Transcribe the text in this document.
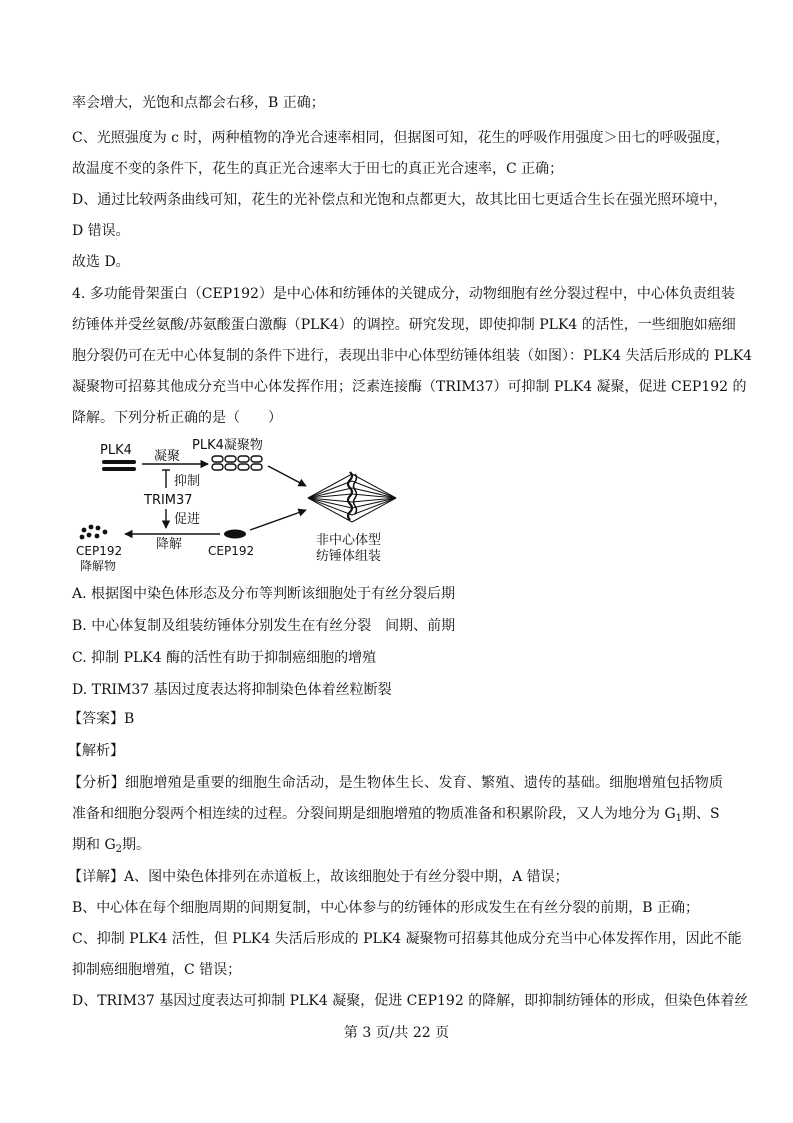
率会增大，光饱和点都会右移，B 正确；
C、光照强度为 c 时，两种植物的净光合速率相同，但据图可知，花生的呼吸作用强度＞田七的呼吸强度，
故温度不变的条件下，花生的真正光合速率大于田七的真正光合速率，C 正确；
D、通过比较两条曲线可知，花生的光补偿点和光饱和点都更大，故其比田七更适合生长在强光照环境中，
D 错误。
故选 D。
4. 多功能骨架蛋白（CEP192）是中心体和纺锤体的关键成分，动物细胞有丝分裂过程中，中心体负责组装
纺锤体并受丝氨酸/苏氨酸蛋白激酶（PLK4）的调控。研究发现，即使抑制 PLK4 的活性，一些细胞如癌细
胞分裂仍可在无中心体复制的条件下进行，表现出非中心体型纺锤体组装（如图）：PLK4 失活后形成的 PLK4
凝聚物可招募其他成分充当中心体发挥作用；泛素连接酶（TRIM37）可抑制 PLK4 凝聚，促进 CEP192 的
降解。下列分析正确的是（　　）
PLK4 凝聚
PLK4凝聚物
抑制
TRIM37
促进
降解
CEP192
降解物
CEP192
非中心体型
纺锤体组装
A. 根据图中染色体形态及分布等判断该细胞处于有丝分裂后期
B. 中心体复制及组装纺锤体分别发生在有丝分裂　间期、前期
C. 抑制 PLK4 酶的活性有助于抑制癌细胞的增殖
D. TRIM37 基因过度表达将抑制染色体着丝粒断裂
【答案】B
【解析】
【分析】细胞增殖是重要的细胞生命活动，是生物体生长、发育、繁殖、遗传的基础。细胞增殖包括物质
准备和细胞分裂两个相连续的过程。分裂间期是细胞增殖的物质准备和积累阶段，又人为地分为 $G_1$期、S
期和 $G_2$期。
【详解】A、图中染色体排列在赤道板上，故该细胞处于有丝分裂中期，A 错误；
B、中心体在每个细胞周期的间期复制，中心体参与的纺锤体的形成发生在有丝分裂的前期，B 正确；
C、抑制 PLK4 活性，但 PLK4 失活后形成的 PLK4 凝聚物可招募其他成分充当中心体发挥作用，因此不能
抑制癌细胞增殖，C 错误；
D、TRIM37 基因过度表达可抑制 PLK4 凝聚，促进 CEP192 的降解，即抑制纺锤体的形成，但染色体着丝
第 3 页/共 22 页
